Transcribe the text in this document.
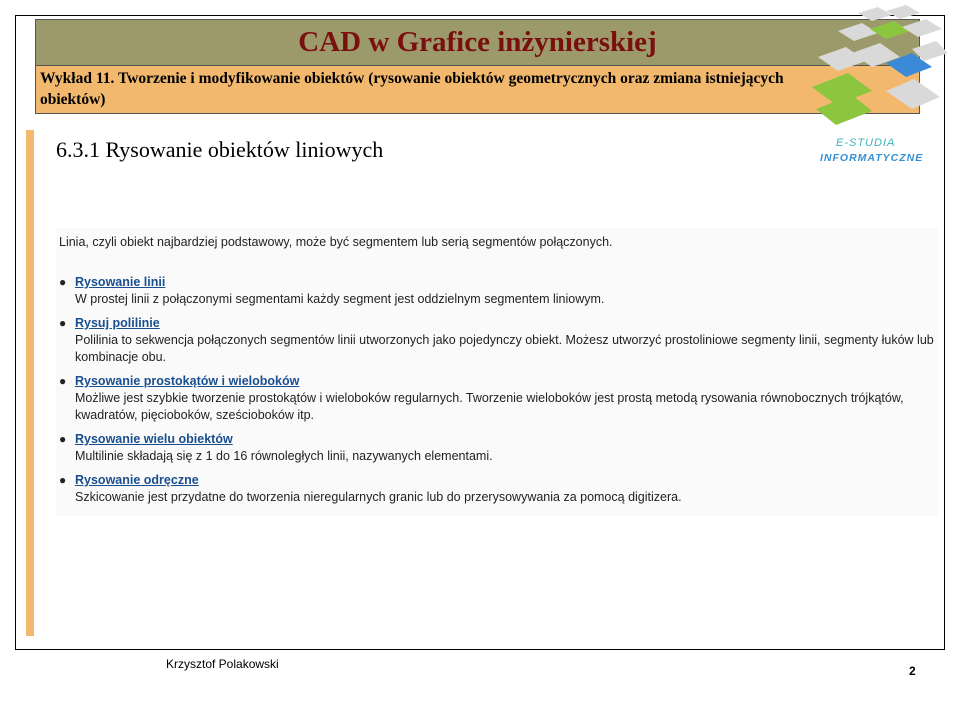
CAD w Grafice inżynierskiej
Wykład 11. Tworzenie i modyfikowanie obiektów (rysowanie obiektów geometrycznych oraz zmiana istniejących obiektów)
E-STUDIA
INFORMATYCZNE
6.3.1 Rysowanie obiektów liniowych
Linia, czyli obiekt najbardziej podstawowy, może być segmentem lub serią segmentów połączonych.
● Rysowanie linii
W prostej linii z połączonymi segmentami każdy segment jest oddzielnym segmentem liniowym.
● Rysuj polilinie
Polilinia to sekwencja połączonych segmentów linii utworzonych jako pojedynczy obiekt. Możesz utworzyć prostoliniowe segmenty linii, segmenty łuków lub kombinacje obu.
● Rysowanie prostokątów i wieloboków
Możliwe jest szybkie tworzenie prostokątów i wieloboków regularnych. Tworzenie wieloboków jest prostą metodą rysowania równobocznych trójkątów, kwadratów, pięcioboków, sześcioboków itp.
● Rysowanie wielu obiektów
Multilinie składają się z 1 do 16 równoległych linii, nazywanych elementami.
● Rysowanie odręczne
Szkicowanie jest przydatne do tworzenia nieregularnych granic lub do przerysowywania za pomocą digitizera.
Krzysztof Polakowski	2
